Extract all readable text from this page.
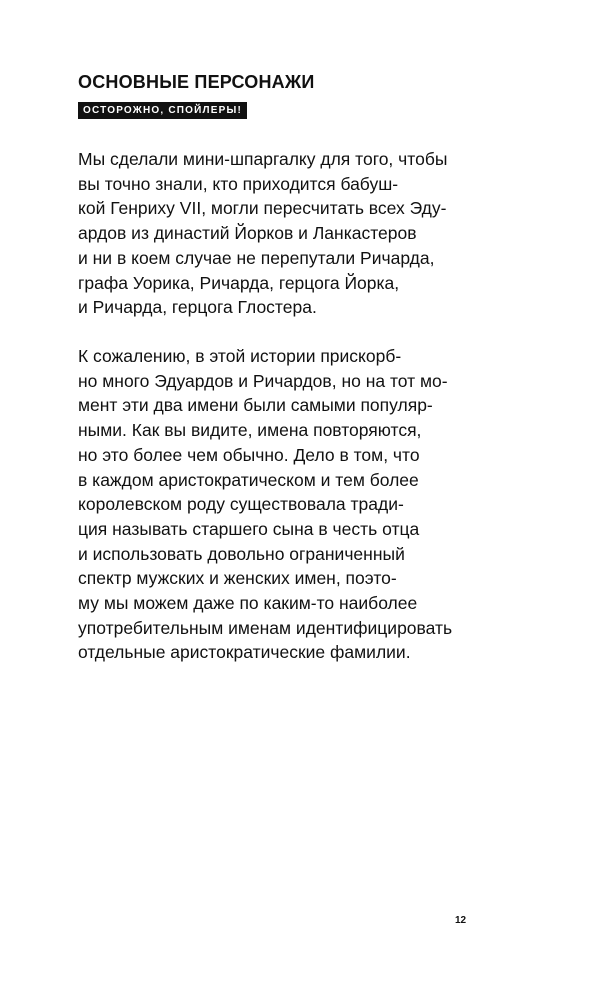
ОСНОВНЫЕ ПЕРСОНАЖИ
ОСТОРОЖНО, СПОЙЛЕРЫ!
Мы сделали мини-шпаргалку для того, чтобы
вы точно знали, кто приходится бабуш-
кой Генриху VII, могли пересчитать всех Эду-
ардов из династий Йорков и Ланкастеров
и ни в коем случае не перепутали Ричарда,
графа Уорика, Ричарда, герцога Йорка,
и Ричарда, герцога Глостера.
К сожалению, в этой истории прискорб-
но много Эдуардов и Ричардов, но на тот мо-
мент эти два имени были самыми популяр-
ными. Как вы видите, имена повторяются,
но это более чем обычно. Дело в том, что
в каждом аристократическом и тем более
королевском роду существовала тради-
ция называть старшего сына в честь отца
и использовать довольно ограниченный
спектр мужских и женских имен, поэто-
му мы можем даже по каким-то наиболее
употребительным именам идентифицировать
отдельные аристократические фамилии.
12
